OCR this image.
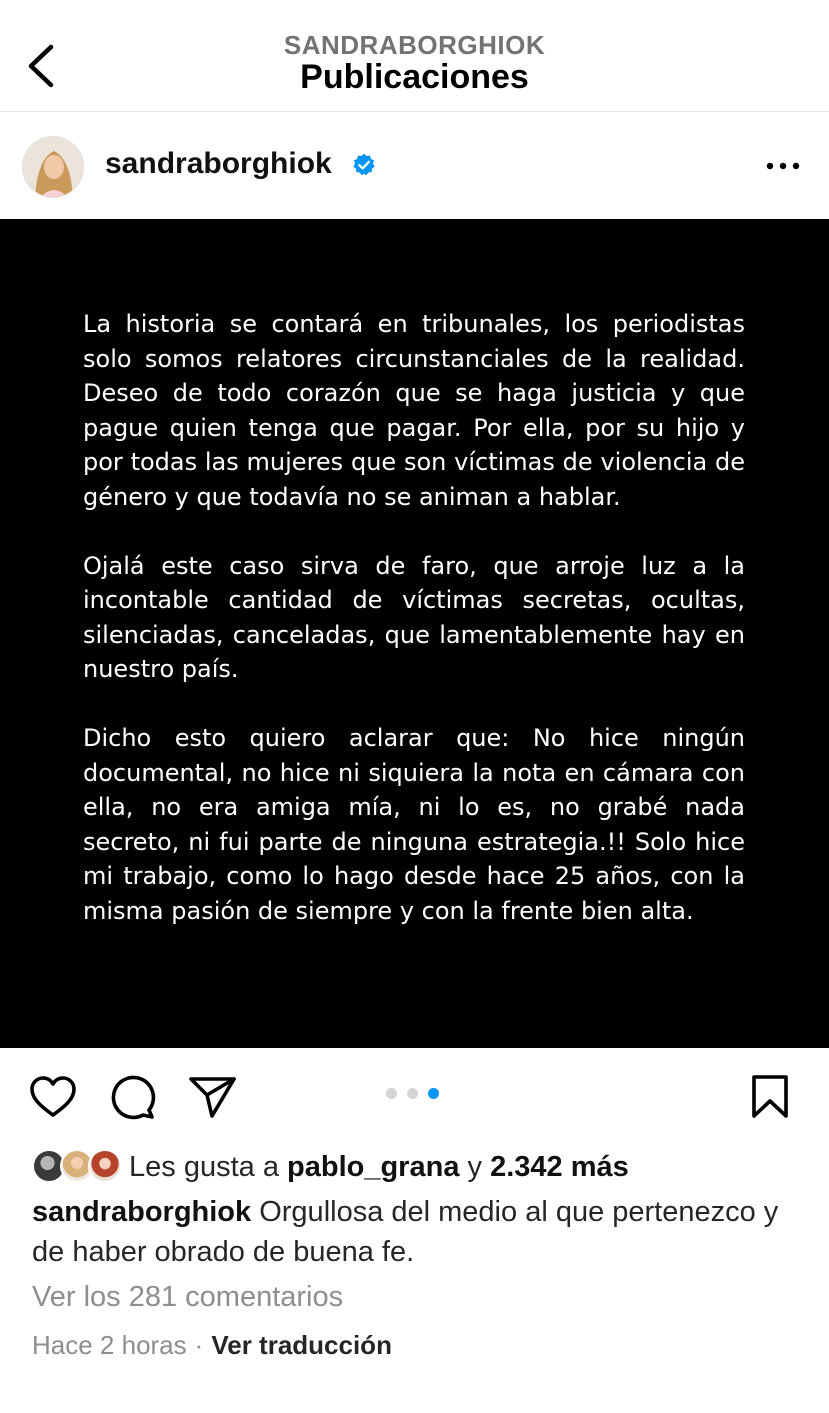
SANDRABORGHIOK
Publicaciones
sandraborghiok

La historia se contará en tribunales, los periodistas solo somos relatores circunstanciales de la realidad. Deseo de todo corazón que se haga justicia y que pague quien tenga que pagar. Por ella, por su hijo y por todas las mujeres que son víctimas de violencia de género y que todavía no se animan a hablar.

Ojalá este caso sirva de faro, que arroje luz a la incontable cantidad de víctimas secretas, ocultas, silenciadas, canceladas, que lamentablemente hay en nuestro país.

Dicho esto quiero aclarar que: No hice ningún documental, no hice ni siquiera la nota en cámara con ella, no era amiga mía, ni lo es, no grabé nada secreto, ni fui parte de ninguna estrategia.!! Solo hice mi trabajo, como lo hago desde hace 25 años, con la misma pasión de siempre y con la frente bien alta.

Les gusta a pablo_grana y 2.342 más
sandraborghiok Orgullosa del medio al que pertenezco y de haber obrado de buena fe.
Ver los 281 comentarios
Hace 2 horas · Ver traducción
